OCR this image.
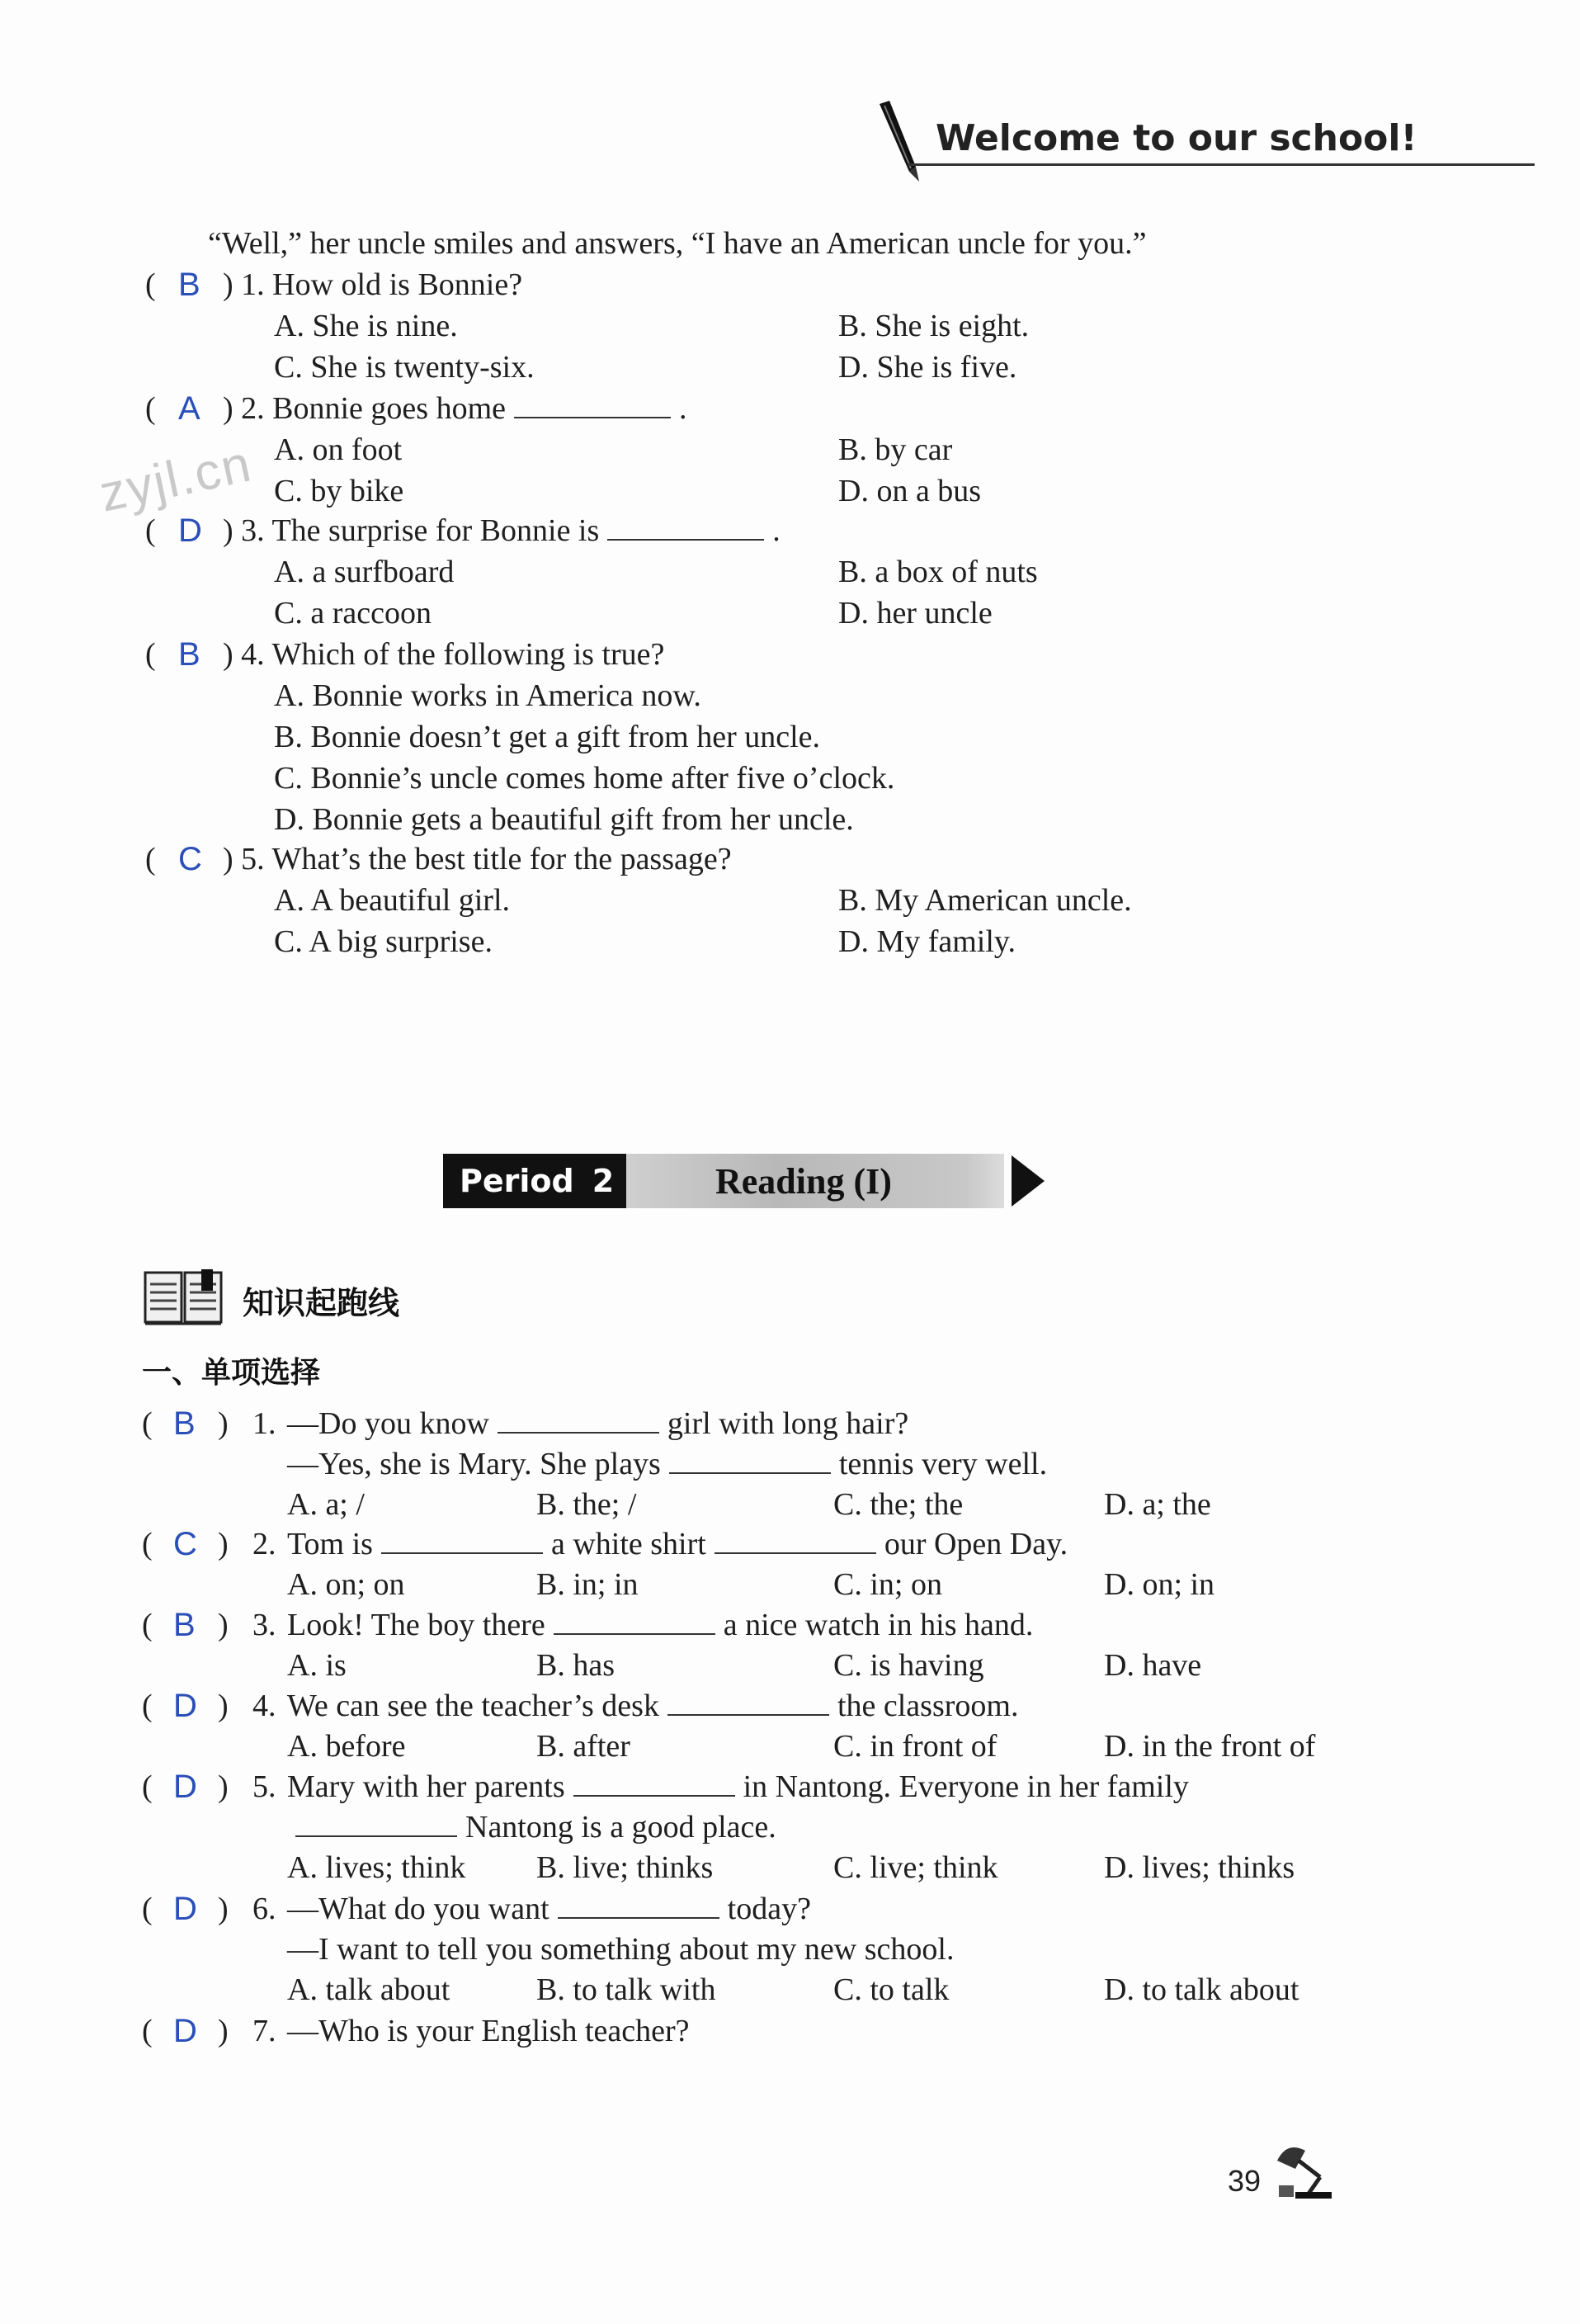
Welcome to our school!
“Well,” her uncle smiles and answers, “I have an American uncle for you.”
zyjl.cn
( B ) 1. How old is Bonnie?
A. She is nine.	B. She is eight.
C. She is twenty-six.	D. She is five.
( A ) 2. Bonnie goes home	.
A. on foot	B. by car
C. by bike	D. on a bus
( D ) 3. The surprise for Bonnie is	.
A. a surfboard	B. a box of nuts
C. a raccoon	D. her uncle
( B ) 4. Which of the following is true?
A. Bonnie works in America now.
B. Bonnie doesn’t get a gift from her uncle.
C. Bonnie’s uncle comes home after five o’clock.
D. Bonnie gets a beautiful gift from her uncle.
( C ) 5. What’s the best title for the passage?
A. A beautiful girl.	B. My American uncle.
C. A big surprise.	D. My family.
Period 2	Reading (I)
知识起跑线
一、单项选择
( B ) 1. —Do you know	girl with long hair?
—Yes, she is Mary. She plays	tennis very well.
A. a; /	B. the; /	C. the; the	D. a; the
( C ) 2. Tom is	a white shirt	our Open Day.
A. on; on	B. in; in	C. in; on	D. on; in
( B ) 3. Look! The boy there	a nice watch in his hand.
A. is	B. has	C. is having	D. have
( D ) 4. We can see the teacher’s desk	the classroom.
A. before	B. after	C. in front of	D. in the front of
( D ) 5. Mary with her parents	in Nantong. Everyone in her family
Nantong is a good place.
A. lives; think B. live; thinks	C. live; think	D. lives; thinks
( D ) 6. —What do you want	today?
—I want to tell you something about my new school.
A. talk about	B. to talk with	C. to talk	D. to talk about
( D ) 7. —Who is your English teacher?
39
